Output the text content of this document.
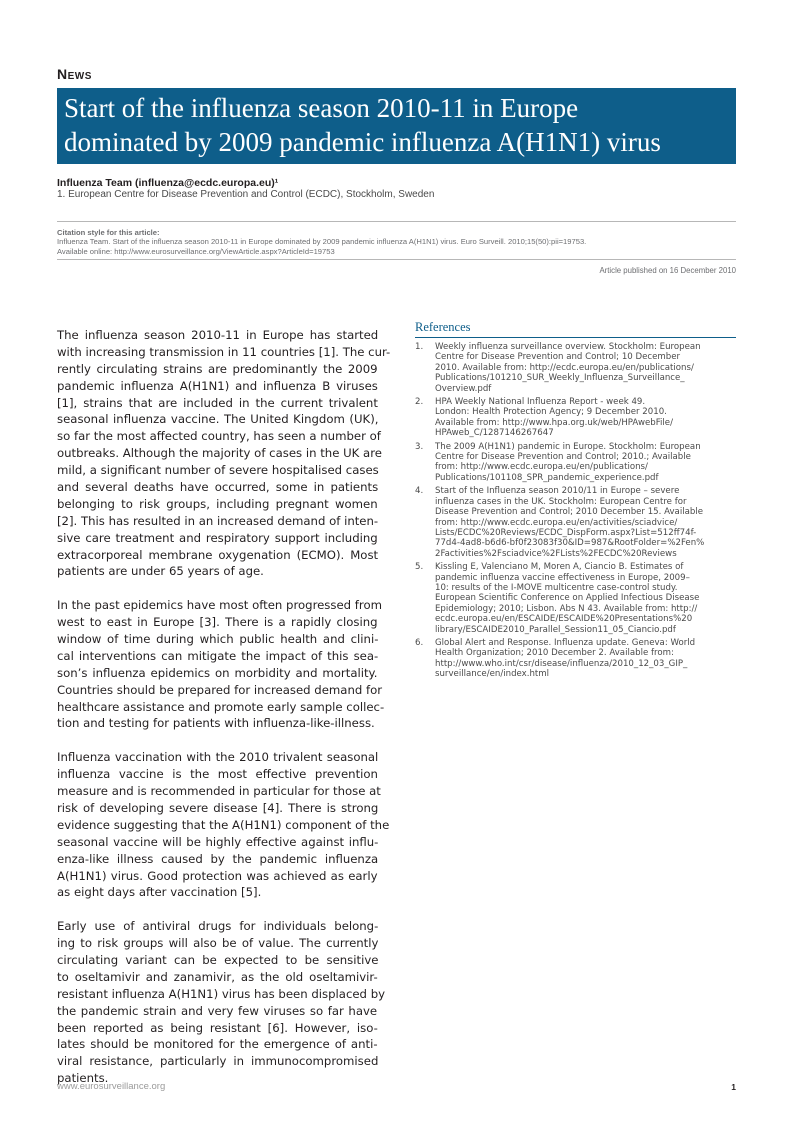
News
Start of the influenza season 2010-11 in Europe
dominated by 2009 pandemic influenza A(H1N1) virus
Influenza Team (influenza@ecdc.europa.eu)¹
1. European Centre for Disease Prevention and Control (ECDC), Stockholm, Sweden
Citation style for this article:
Influenza Team. Start of the influenza season 2010-11 in Europe dominated by 2009 pandemic influenza A(H1N1) virus. Euro Surveill. 2010;15(50):pii=19753.
Available online: http://www.eurosurveillance.org/ViewArticle.aspx?ArticleId=19753
Article published on 16 December 2010
The influenza season 2010-11 in Europe has started
with increasing transmission in 11 countries [1]. The cur-
rently circulating strains are predominantly the 2009
pandemic influenza A(H1N1) and influenza B viruses
[1], strains that are included in the current trivalent
seasonal influenza vaccine. The United Kingdom (UK),
so far the most affected country, has seen a number of
outbreaks. Although the majority of cases in the UK are
mild, a significant number of severe hospitalised cases
and several deaths have occurred, some in patients
belonging to risk groups, including pregnant women
[2]. This has resulted in an increased demand of inten-
sive care treatment and respiratory support including
extracorporeal membrane oxygenation (ECMO). Most
patients are under 65 years of age.
In the past epidemics have most often progressed from
west to east in Europe [3]. There is a rapidly closing
window of time during which public health and clini-
cal interventions can mitigate the impact of this sea-
son’s influenza epidemics on morbidity and mortality.
Countries should be prepared for increased demand for
healthcare assistance and promote early sample collec-
tion and testing for patients with influenza-like-illness.
Influenza vaccination with the 2010 trivalent seasonal
influenza vaccine is the most effective prevention
measure and is recommended in particular for those at
risk of developing severe disease [4]. There is strong
evidence suggesting that the A(H1N1) component of the
seasonal vaccine will be highly effective against influ-
enza-like illness caused by the pandemic influenza
A(H1N1) virus. Good protection was achieved as early
as eight days after vaccination [5].
Early use of antiviral drugs for individuals belong-
ing to risk groups will also be of value. The currently
circulating variant can be expected to be sensitive
to oseltamivir and zanamivir, as the old oseltamivir-
resistant influenza A(H1N1) virus has been displaced by
the pandemic strain and very few viruses so far have
been reported as being resistant [6]. However, iso-
lates should be monitored for the emergence of anti-
viral resistance, particularly in immunocompromised
patients.
References
1.	Weekly influenza surveillance overview. Stockholm: European
Centre for Disease Prevention and Control; 10 December
2010. Available from: http://ecdc.europa.eu/en/publications/
Publications/101210_SUR_Weekly_Influenza_Surveillance_
Overview.pdf
2.	HPA Weekly National Influenza Report - week 49.
London: Health Protection Agency; 9 December 2010.
Available from: http://www.hpa.org.uk/web/HPAwebFile/
HPAweb_C/1287146267647
3.	The 2009 A(H1N1) pandemic in Europe. Stockholm: European
Centre for Disease Prevention and Control; 2010.; Available
from: http://www.ecdc.europa.eu/en/publications/
Publications/101108_SPR_pandemic_experience.pdf
4.	Start of the Influenza season 2010/11 in Europe – severe
influenza cases in the UK. Stockholm: European Centre for
Disease Prevention and Control; 2010 December 15. Available
from: http://www.ecdc.europa.eu/en/activities/sciadvice/
Lists/ECDC%20Reviews/ECDC_DispForm.aspx?List=512ff74f-
77d4-4ad8-b6d6-bf0f23083f30&ID=987&RootFolder=%2Fen%
2Factivities%2Fsciadvice%2FLists%2FECDC%20Reviews
5.	Kissling E, Valenciano M, Moren A, Ciancio B. Estimates of
pandemic influenza vaccine effectiveness in Europe, 2009–
10: results of the I-MOVE multicentre case-control study.
European Scientific Conference on Applied Infectious Disease
Epidemiology; 2010; Lisbon. Abs N 43. Available from: http://
ecdc.europa.eu/en/ESCAIDE/ESCAIDE%20Presentations%20
library/ESCAIDE2010_Parallel_Session11_05_Ciancio.pdf
6.	Global Alert and Response. Influenza update. Geneva: World
Health Organization; 2010 December 2. Available from:
http://www.who.int/csr/disease/influenza/2010_12_03_GIP_
surveillance/en/index.html
www.eurosurveillance.org	1
